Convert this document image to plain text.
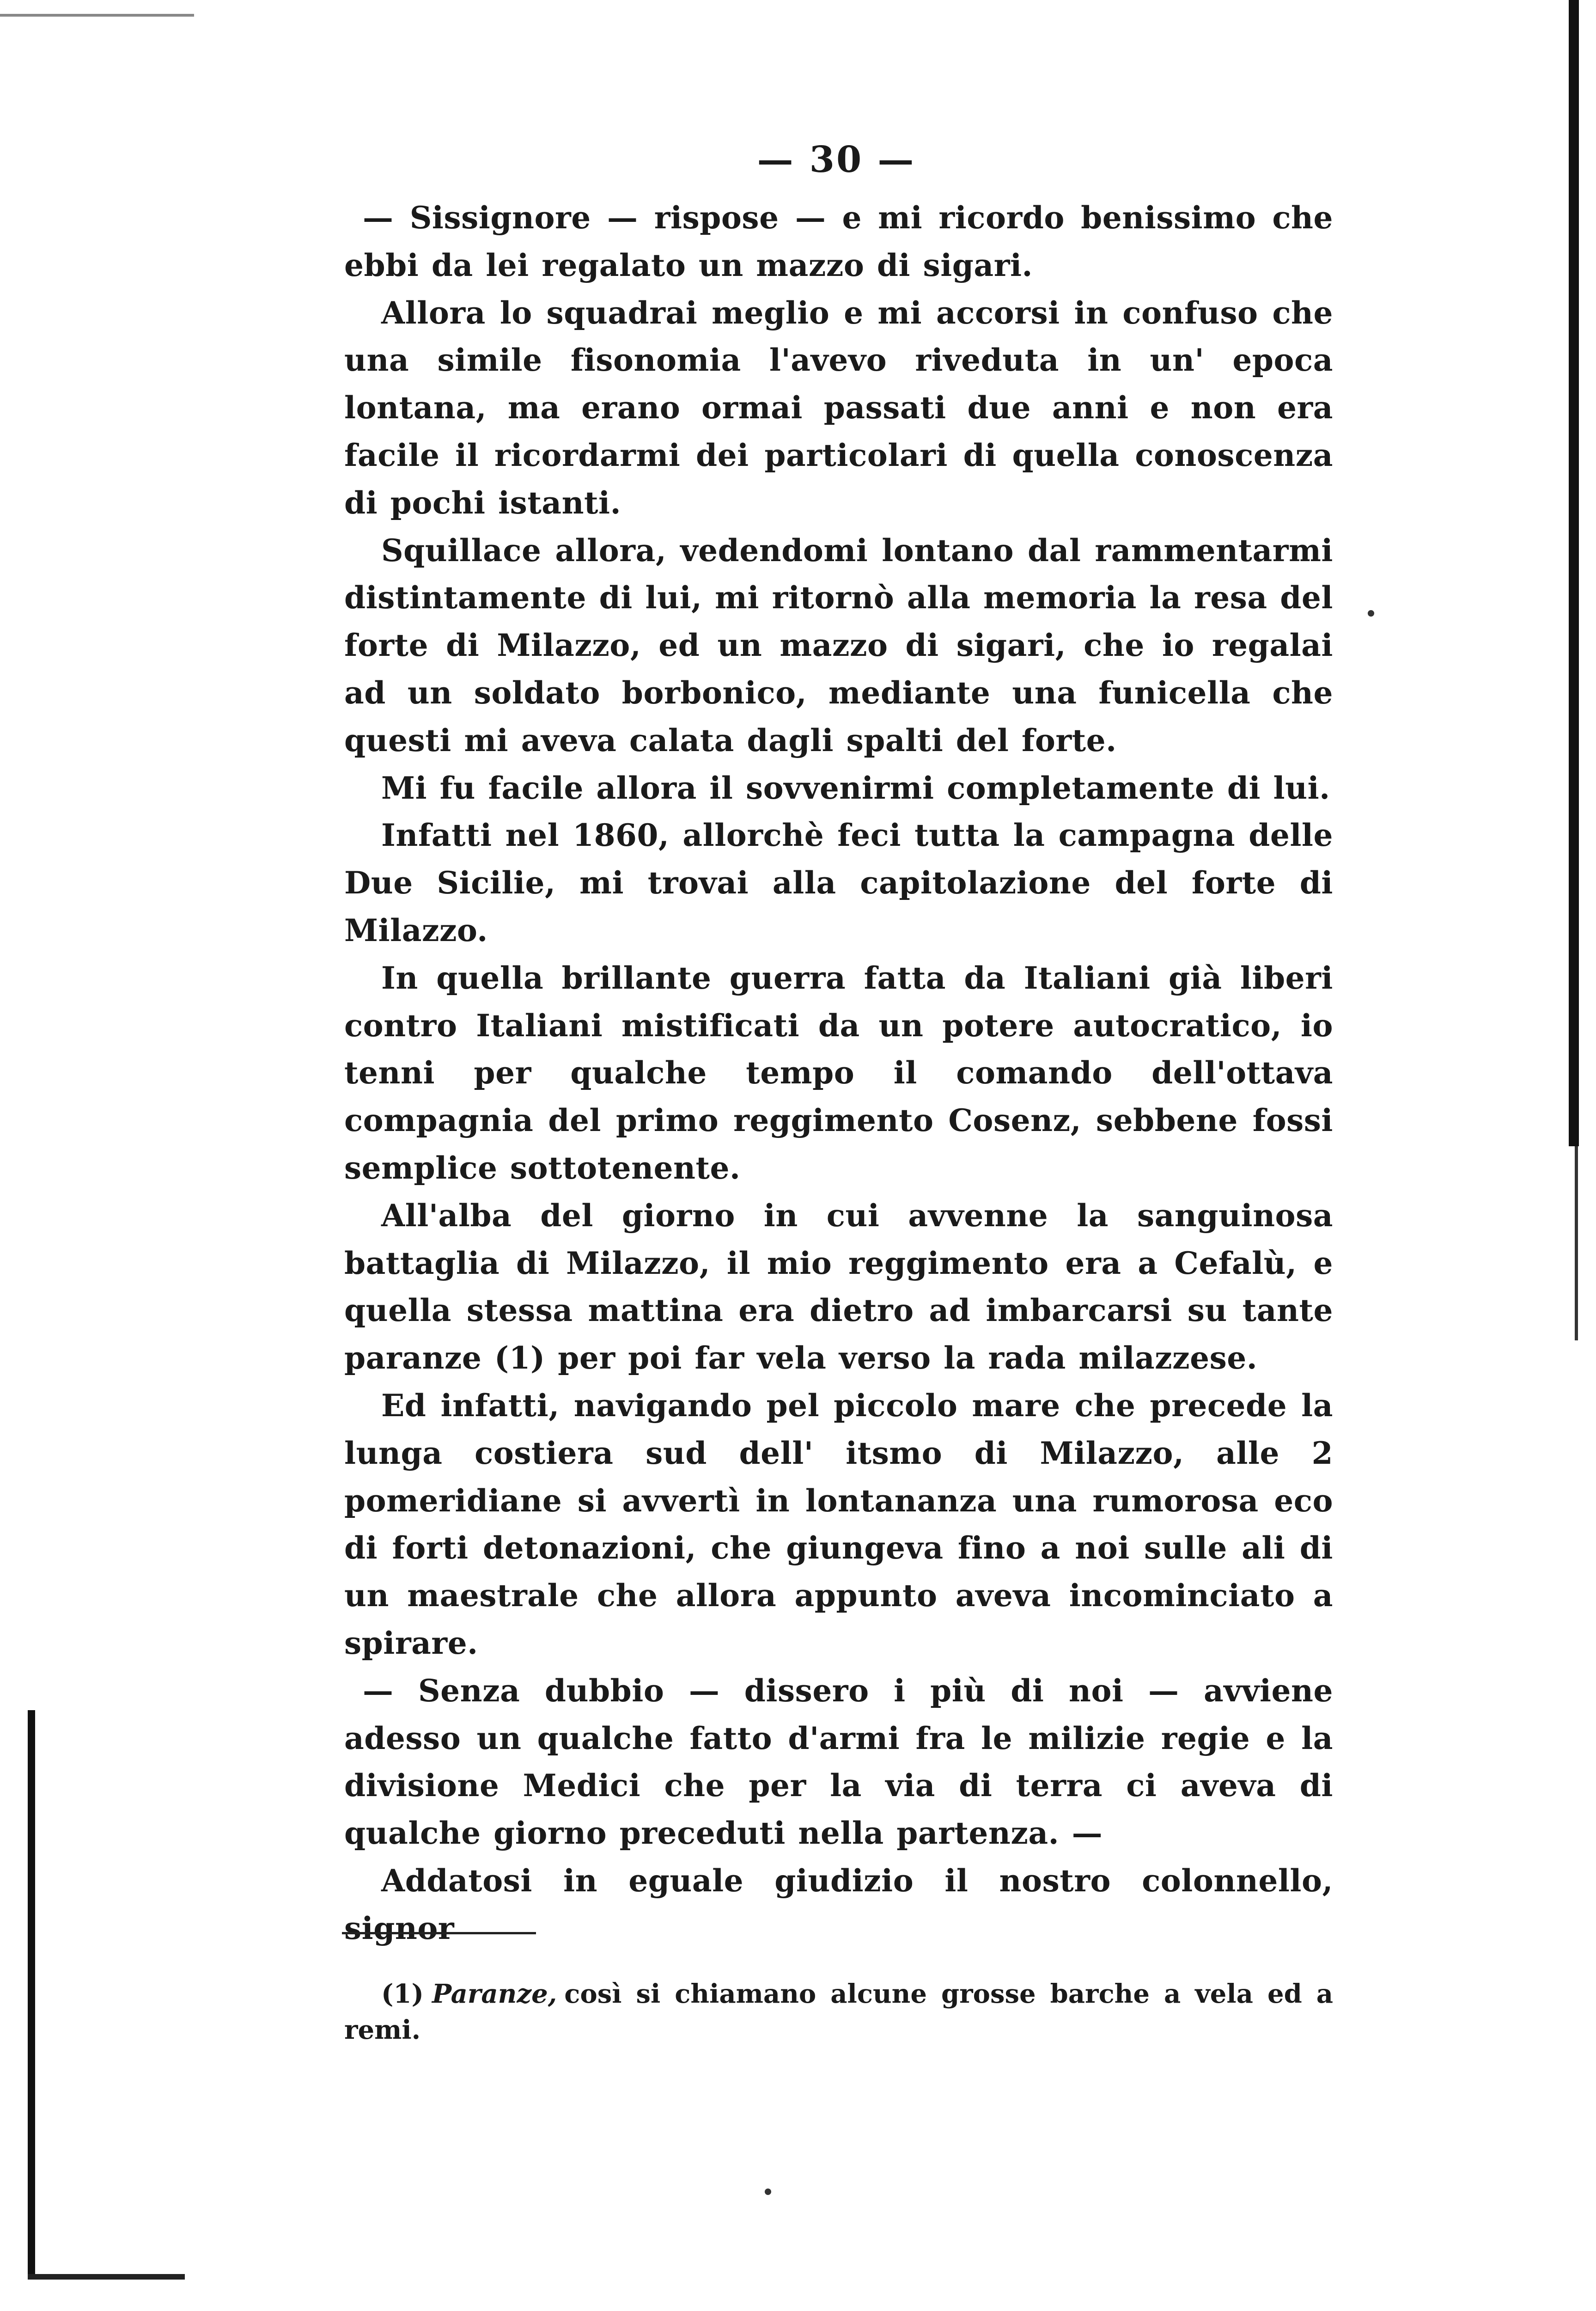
— 30 —

— Sissignore — rispose — e mi ricordo benissimo che ebbi da lei regalato un mazzo di sigari.

Allora lo squadrai meglio e mi accorsi in confuso che una simile fisonomia l'avevo riveduta in un' epoca lontana, ma erano ormai passati due anni e non era facile il ricordarmi dei particolari di quella conoscenza di pochi istanti.

Squillace allora, vedendomi lontano dal rammentarmi distintamente di lui, mi ritornò alla memoria la resa del forte di Milazzo, ed un mazzo di sigari, che io regalai ad un soldato borbonico, mediante una funicella che questi mi aveva calata dagli spalti del forte.

Mi fu facile allora il sovvenirmi completamente di lui.

Infatti nel 1860, allorchè feci tutta la campagna delle Due Sicilie, mi trovai alla capitolazione del forte di Milazzo.

In quella brillante guerra fatta da Italiani già liberi contro Italiani mistificati da un potere autocratico, io tenni per qualche tempo il comando dell'ottava compagnia del primo reggimento Cosenz, sebbene fossi semplice sottotenente.

All'alba del giorno in cui avvenne la sanguinosa battaglia di Milazzo, il mio reggimento era a Cefalù, e quella stessa mattina era dietro ad imbarcarsi su tante paranze (1) per poi far vela verso la rada milazzese.

Ed infatti, navigando pel piccolo mare che precede la lunga costiera sud dell' itsmo di Milazzo, alle 2 pomeridiane si avvertì in lontananza una rumorosa eco di forti detonazioni, che giungeva fino a noi sulle ali di un maestrale che allora appunto aveva incominciato a spirare.

— Senza dubbio — dissero i più di noi — avviene adesso un qualche fatto d'armi fra le milizie regie e la divisione Medici che per la via di terra ci aveva di qualche giorno preceduti nella partenza. —

Addatosi in eguale giudizio il nostro colonnello, signor

(1) Paranze, così si chiamano alcune grosse barche a vela ed a remi.
